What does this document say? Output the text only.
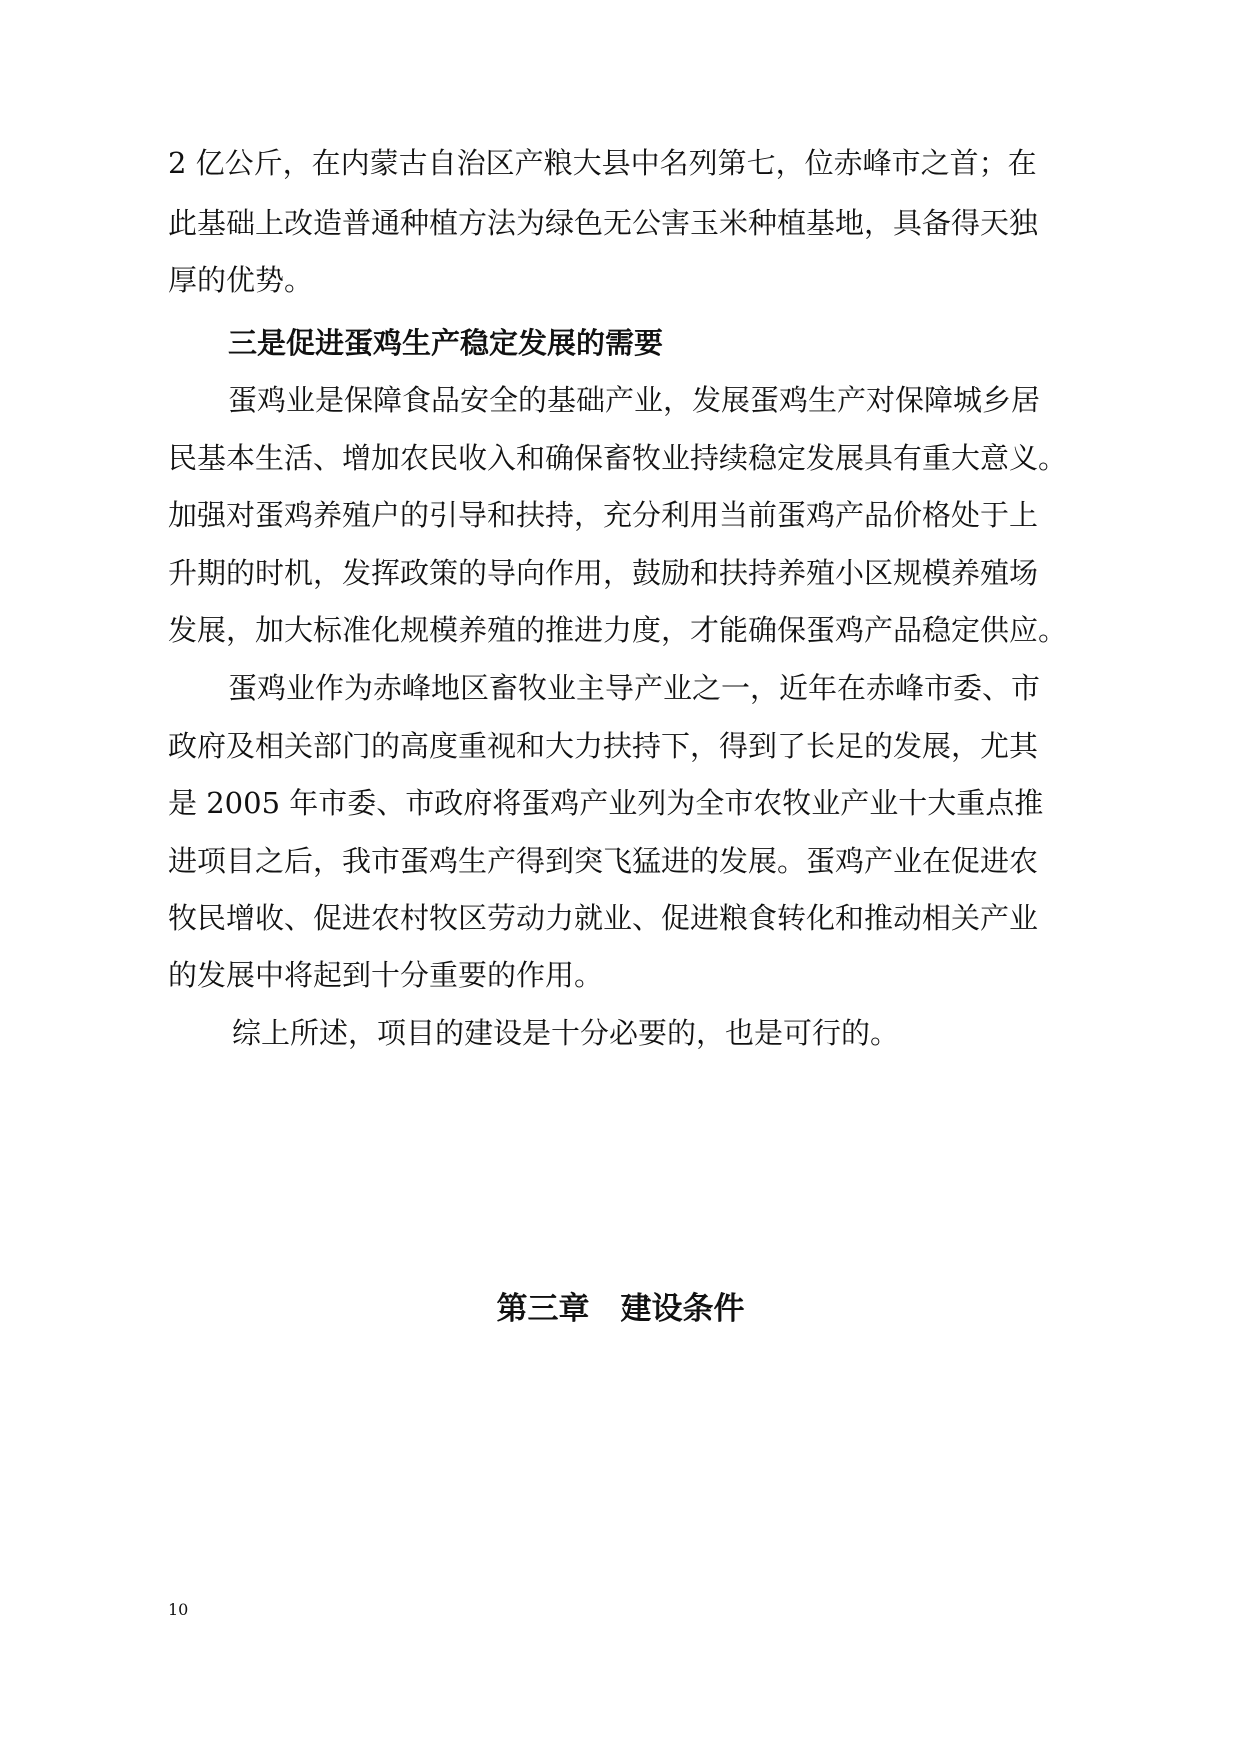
2 亿公斤，在内蒙古自治区产粮大县中名列第七，位赤峰市之首；在
此基础上改造普通种植方法为绿色无公害玉米种植基地，具备得天独
厚的优势。
三是促进蛋鸡生产稳定发展的需要
蛋鸡业是保障食品安全的基础产业，发展蛋鸡生产对保障城乡居
民基本生活、增加农民收入和确保畜牧业持续稳定发展具有重大意义。
加强对蛋鸡养殖户的引导和扶持，充分利用当前蛋鸡产品价格处于上
升期的时机，发挥政策的导向作用，鼓励和扶持养殖小区规模养殖场
发展，加大标准化规模养殖的推进力度，才能确保蛋鸡产品稳定供应。
蛋鸡业作为赤峰地区畜牧业主导产业之一，近年在赤峰市委、市
政府及相关部门的高度重视和大力扶持下，得到了长足的发展，尤其
是 2005 年市委、市政府将蛋鸡产业列为全市农牧业产业十大重点推
进项目之后，我市蛋鸡生产得到突飞猛进的发展。蛋鸡产业在促进农
牧民增收、促进农村牧区劳动力就业、促进粮食转化和推动相关产业
的发展中将起到十分重要的作用。
综上所述，项目的建设是十分必要的，也是可行的。
第三章　建设条件
10
